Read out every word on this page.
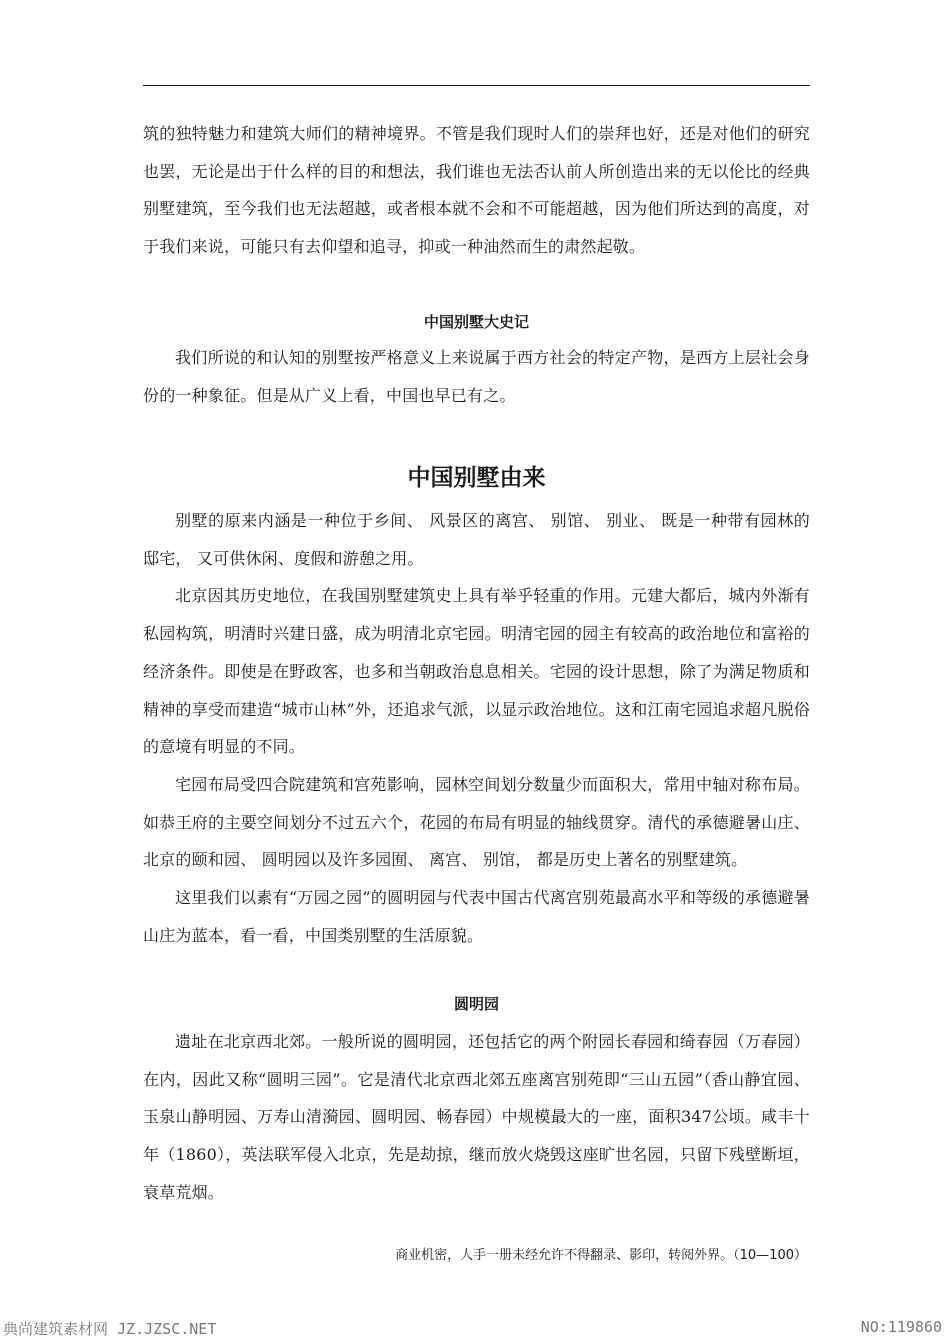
筑的独特魅力和建筑大师们的精神境界。不管是我们现时人们的崇拜也好，还是对他们的研究也罢，无论是出于什么样的目的和想法，我们谁也无法否认前人所创造出来的无以伦比的经典别墅建筑，至今我们也无法超越，或者根本就不会和不可能超越，因为他们所达到的高度，对于我们来说，可能只有去仰望和追寻，抑或一种油然而生的肃然起敬。

中国别墅大史记

我们所说的和认知的别墅按严格意义上来说属于西方社会的特定产物，是西方上层社会身份的一种象征。但是从广义上看，中国也早已有之。

中国别墅由来

别墅的原来内涵是一种位于乡间、 风景区的离宫、 别馆、 别业、 既是一种带有园林的邸宅， 又可供休闲、度假和游憩之用。

北京因其历史地位，在我国别墅建筑史上具有举乎轻重的作用。元建大都后，城内外渐有私园构筑，明清时兴建日盛，成为明清北京宅园。明清宅园的园主有较高的政治地位和富裕的经济条件。即使是在野政客，也多和当朝政治息息相关。宅园的设计思想，除了为满足物质和精神的享受而建造“城市山林”外，还追求气派，以显示政治地位。这和江南宅园追求超凡脱俗的意境有明显的不同。

宅园布局受四合院建筑和宫苑影响，园林空间划分数量少而面积大，常用中轴对称布局。如恭王府的主要空间划分不过五六个，花园的布局有明显的轴线贯穿。清代的承德避暑山庄、北京的颐和园、 圆明园以及许多园囿、 离宫、 别馆， 都是历史上著名的别墅建筑。

这里我们以素有“万园之园”的圆明园与代表中国古代离宫别苑最高水平和等级的承德避暑山庄为蓝本，看一看，中国类别墅的生活原貌。

圆明园

遗址在北京西北郊。一般所说的圆明园，还包括它的两个附园长春园和绮春园（万春园）在内，因此又称“圆明三园”。它是清代北京西北郊五座离宫别苑即“三山五园”（香山静宜园、玉泉山静明园、万寿山清漪园、圆明园、畅春园）中规模最大的一座，面积347公顷。咸丰十年（1860），英法联军侵入北京，先是劫掠，继而放火烧毁这座旷世名园，只留下残壁断垣，衰草荒烟。

商业机密，人手一册未经允许不得翻录、影印，转阅外界。（10—100）

典尚建筑素材网 JZ.JZSC.NET	NO:119860
